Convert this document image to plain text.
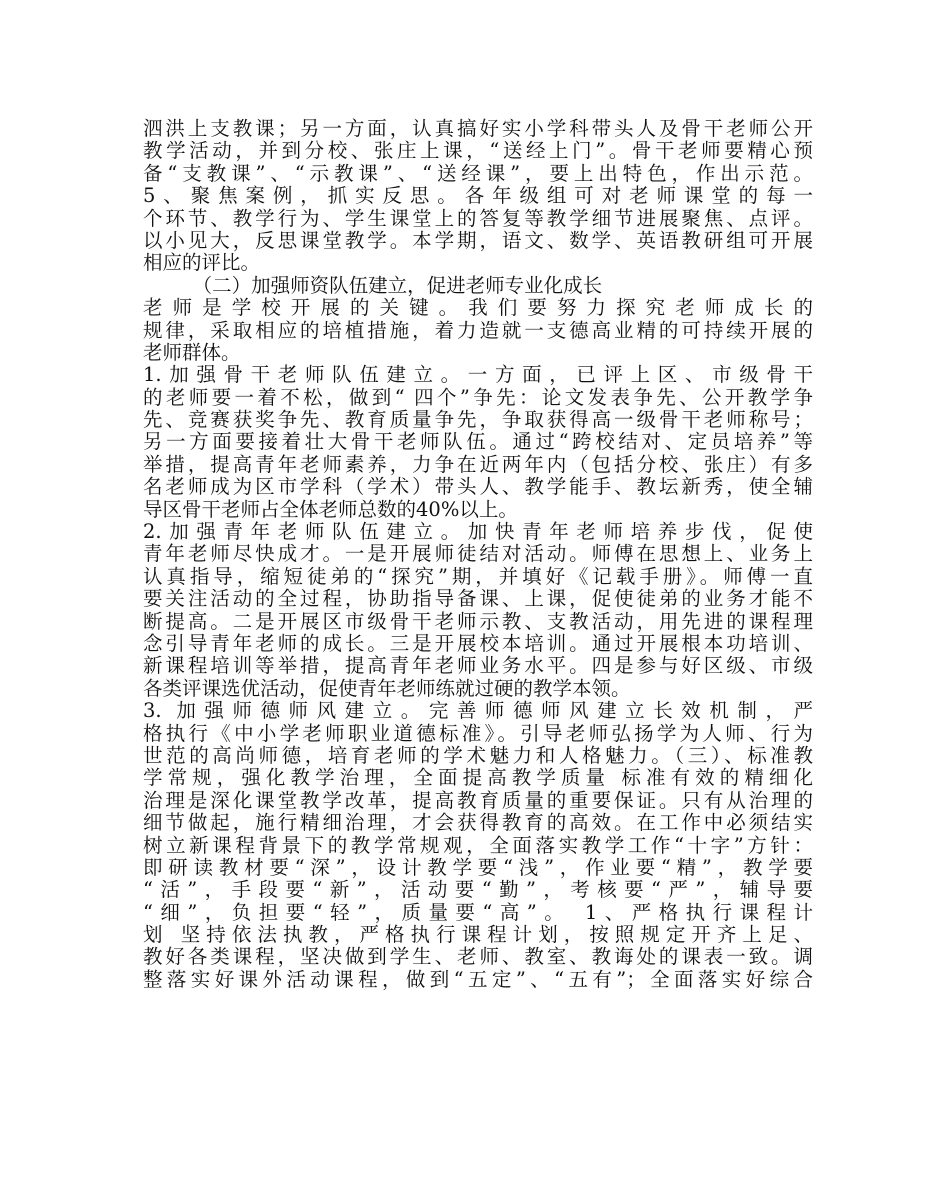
泗洪上支教课；另一方面，认真搞好实小学科带头人及骨干老师公开
教学活动，并到分校、张庄上课，“送经上门”。骨干老师要精心预
备“支教课”、“示教课”、“送经课”，要上出特色，作出示范。
5、聚焦案例，抓实反思。各年级组可对老师课堂的每一
个环节、教学行为、学生课堂上的答复等教学细节进展聚焦、点评。
以小见大，反思课堂教学。本学期，语文、数学、英语教研组可开展
相应的评比。
（二）加强师资队伍建立，促进老师专业化成长
老师是学校开展的关键。我们要努力探究老师成长的
规律，采取相应的培植措施，着力造就一支德高业精的可持续开展的
老师群体。
1.加强骨干老师队伍建立。一方面，已评上区、市级骨干
的老师要一着不松，做到“ 四个”争先：论文发表争先、公开教学争
先、竞赛获奖争先、教育质量争先，争取获得高一级骨干老师称号；
另一方面要接着壮大骨干老师队伍。通过“跨校结对、定员培养”等
举措，提高青年老师素养，力争在近两年内（包括分校、张庄）有多
名老师成为区市学科（学术）带头人、教学能手、教坛新秀，使全辅
导区骨干老师占全体老师总数的40%以上。
2.加强青年老师队伍建立。加快青年老师培养步伐，促使
青年老师尽快成才。一是开展师徒结对活动。师傅在思想上、业务上
认真指导，缩短徒弟的“探究”期，并填好《记载手册》。师傅一直
要关注活动的全过程，协助指导备课、上课，促使徒弟的业务才能不
断提高。二是开展区市级骨干老师示教、支教活动，用先进的课程理
念引导青年老师的成长。三是开展校本培训。通过开展根本功培训、
新课程培训等举措，提高青年老师业务水平。四是参与好区级、市级
各类评课选优活动，促使青年老师练就过硬的教学本领。
3. 加强师德师风建立。完善师德师风建立长效机制，严
格执行《中小学老师职业道德标准》。引导老师弘扬学为人师、行为
世范的高尚师德，培育老师的学术魅力和人格魅力。（三）、标准教
学常规，强化教学治理，全面提高教学质量 标准有效的精细化
治理是深化课堂教学改革，提高教育质量的重要保证。只有从治理的
细节做起，施行精细治理，才会获得教育的高效。在工作中必须结实
树立新课程背景下的教学常规观，全面落实教学工作“十字”方针：
即研读教材要“深”，设计教学要“浅”，作业要“精”，教学要
“活”，手段要“新”，活动要“勤”，考核要“严”，辅导要
“细”，负担要“轻”，质量要“高”。 1、严格执行课程计
划 坚持依法执教，严格执行课程计划，按照规定开齐上足、
教好各类课程，坚决做到学生、老师、教室、教诲处的课表一致。调
整落实好课外活动课程，做到“五定”、“五有”；全面落实好综合
